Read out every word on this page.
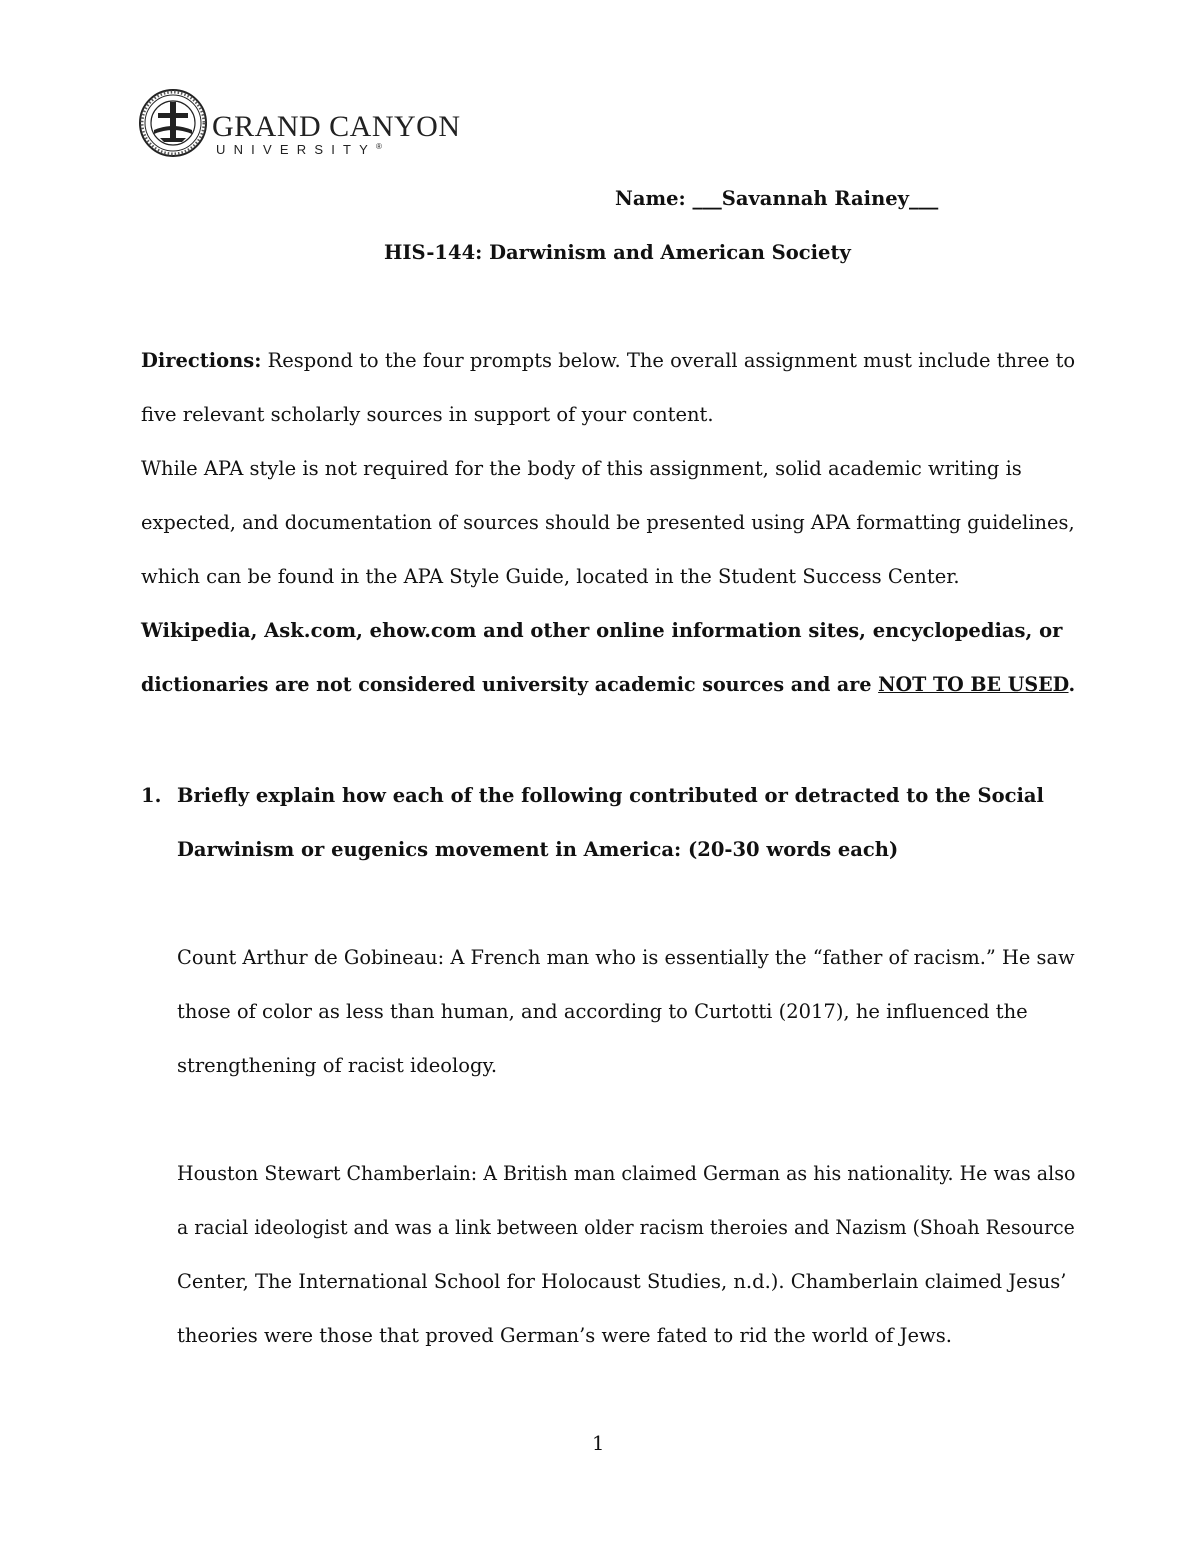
GRAND CANYON
UNIVERSITY®
Name: ___Savannah Rainey___
HIS-144: Darwinism and American Society
Directions: Respond to the four prompts below. The overall assignment must include three to
five relevant scholarly sources in support of your content.
While APA style is not required for the body of this assignment, solid academic writing is
expected, and documentation of sources should be presented using APA formatting guidelines,
which can be found in the APA Style Guide, located in the Student Success Center.
Wikipedia, Ask.com, ehow.com and other online information sites, encyclopedias, or
dictionaries are not considered university academic sources and are NOT TO BE USED.
1. Briefly explain how each of the following contributed or detracted to the Social
Darwinism or eugenics movement in America: (20-30 words each)
Count Arthur de Gobineau: A French man who is essentially the “father of racism.” He saw
those of color as less than human, and according to Curtotti (2017), he influenced the
strengthening of racist ideology.
Houston Stewart Chamberlain: A British man claimed German as his nationality. He was also
a racial ideologist and was a link between older racism theroies and Nazism (Shoah Resource
Center, The International School for Holocaust Studies, n.d.). Chamberlain claimed Jesus’
theories were those that proved German’s were fated to rid the world of Jews.
1
